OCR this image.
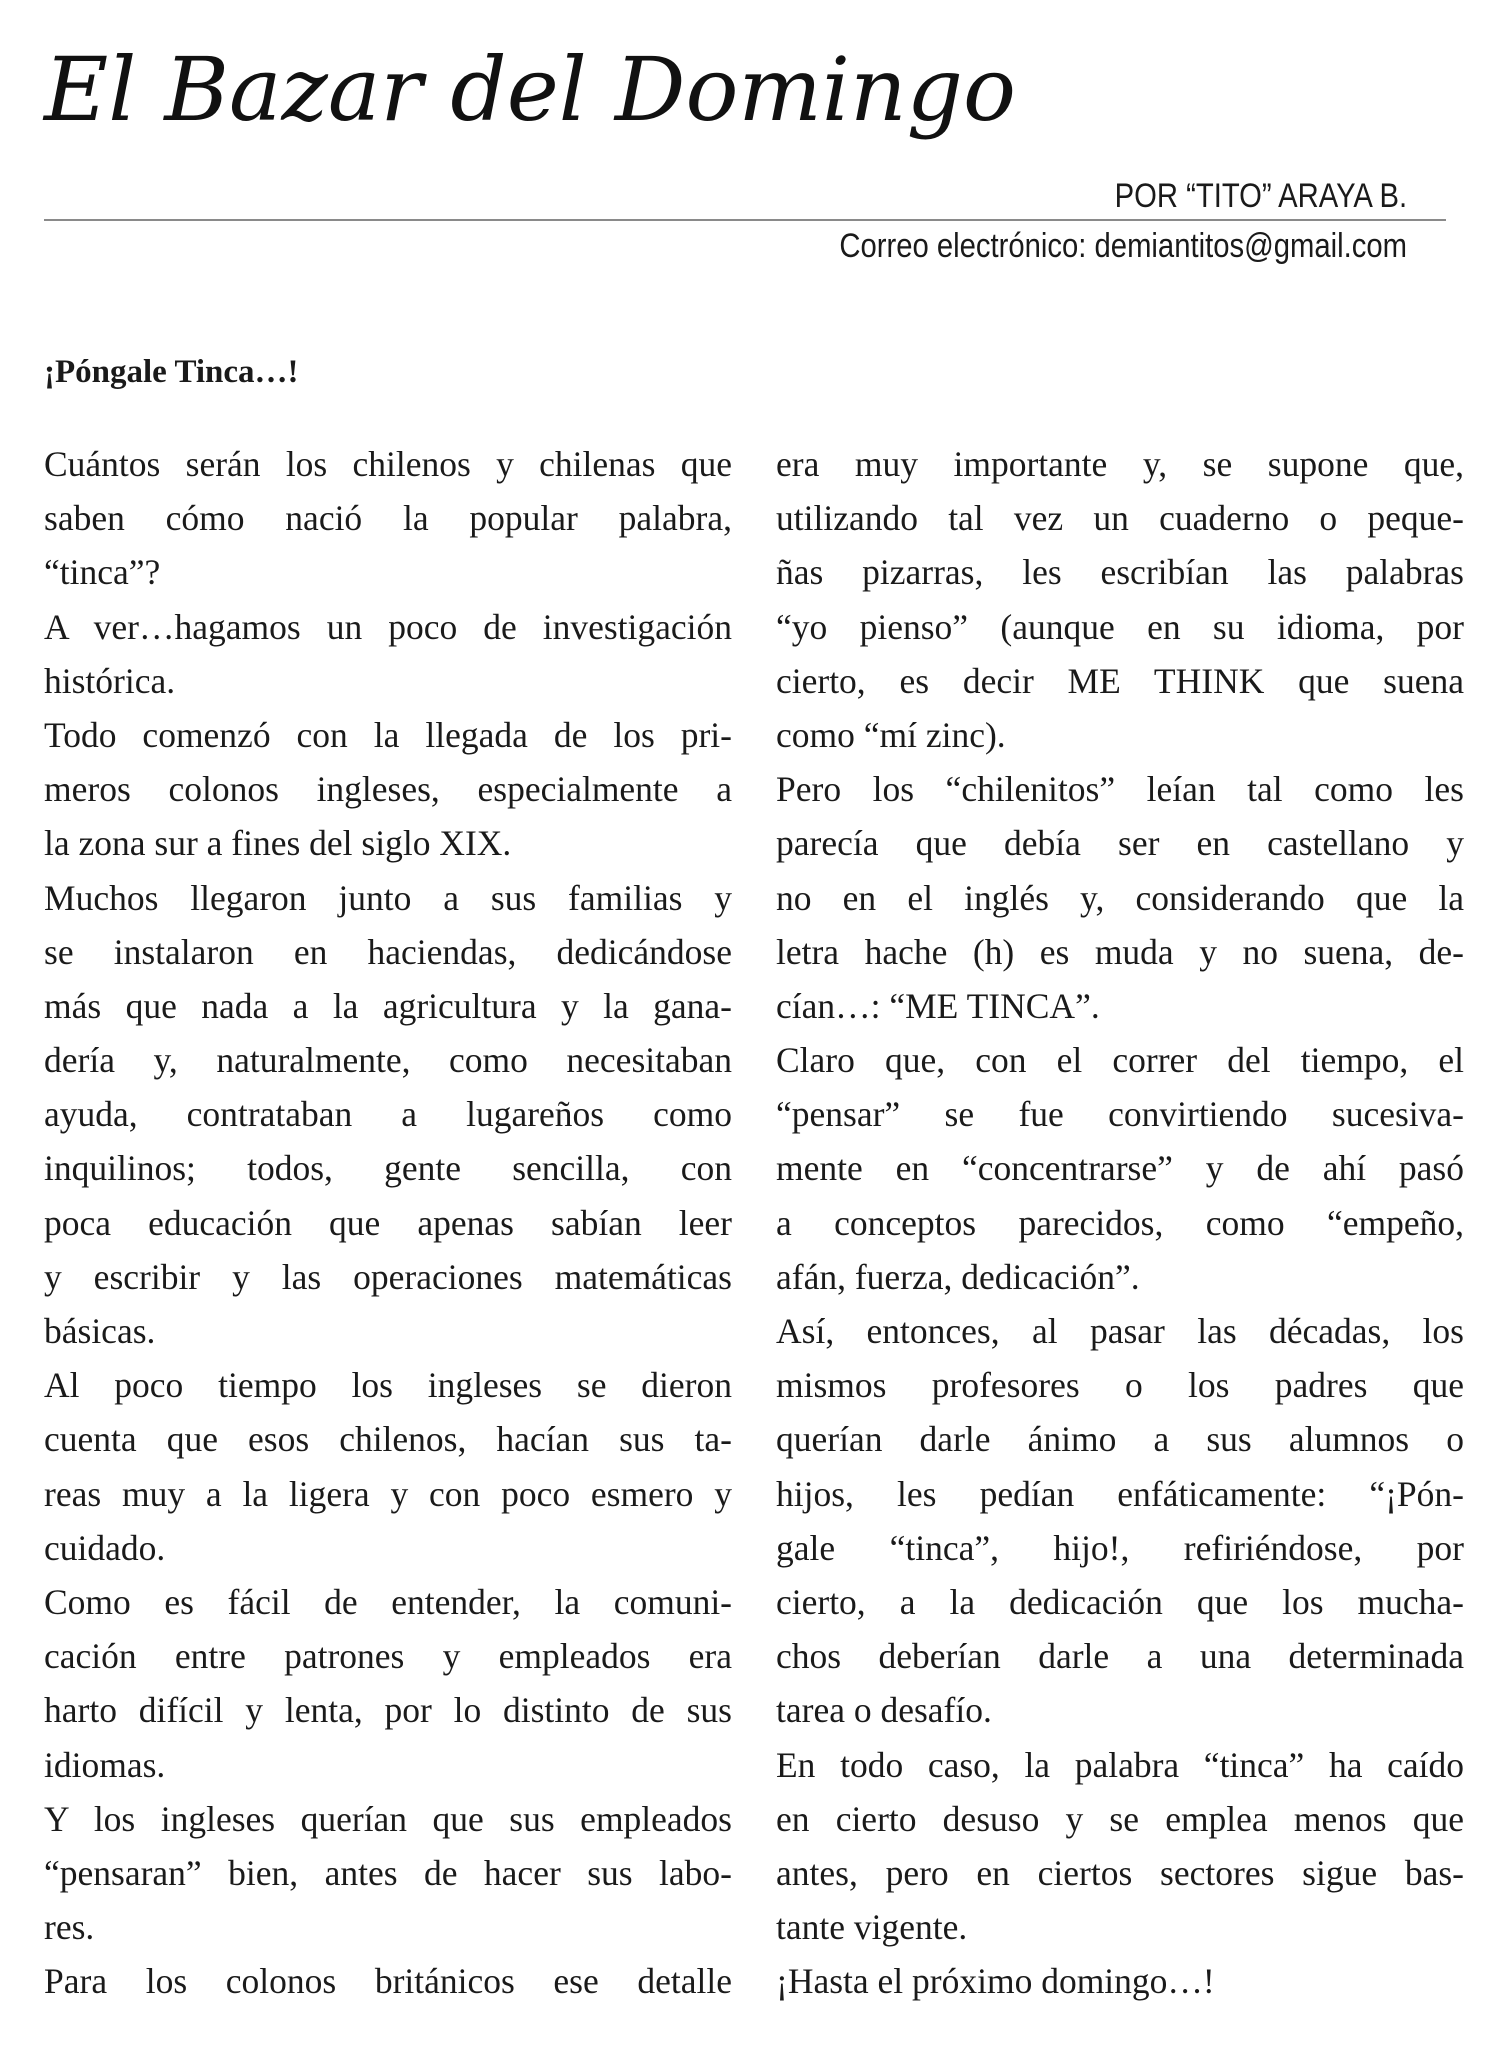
El Bazar del Domingo
POR “TITO” ARAYA B.
Correo electrónico: demiantitos@gmail.com
¡Póngale Tinca…!
Cuántos serán los chilenos y chilenas que
saben cómo nació la popular palabra,
“tinca”?
A ver…hagamos un poco de investigación
histórica.
Todo comenzó con la llegada de los pri-
meros colonos ingleses, especialmente a
la zona sur a fines del siglo XIX.
Muchos llegaron junto a sus familias y
se instalaron en haciendas, dedicándose
más que nada a la agricultura y la gana-
dería y, naturalmente, como necesitaban
ayuda, contrataban a lugareños como
inquilinos; todos, gente sencilla, con
poca educación que apenas sabían leer
y escribir y las operaciones matemáticas
básicas.
Al poco tiempo los ingleses se dieron
cuenta que esos chilenos, hacían sus ta-
reas muy a la ligera y con poco esmero y
cuidado.
Como es fácil de entender, la comuni-
cación entre patrones y empleados era
harto difícil y lenta, por lo distinto de sus
idiomas.
Y los ingleses querían que sus empleados
“pensaran” bien, antes de hacer sus labo-
res.
Para los colonos británicos ese detalle
era muy importante y, se supone que,
utilizando tal vez un cuaderno o peque-
ñas pizarras, les escribían las palabras
“yo pienso” (aunque en su idioma, por
cierto, es decir ME THINK que suena
como “mí zinc).
Pero los “chilenitos” leían tal como les
parecía que debía ser en castellano y
no en el inglés y, considerando que la
letra hache (h) es muda y no suena, de-
cían…: “ME TINCA”.
Claro que, con el correr del tiempo, el
“pensar” se fue convirtiendo sucesiva-
mente en “concentrarse” y de ahí pasó
a conceptos parecidos, como “empeño,
afán, fuerza, dedicación”.
Así, entonces, al pasar las décadas, los
mismos profesores o los padres que
querían darle ánimo a sus alumnos o
hijos, les pedían enfáticamente: “¡Pón-
gale “tinca”, hijo!, refiriéndose, por
cierto, a la dedicación que los mucha-
chos deberían darle a una determinada
tarea o desafío.
En todo caso, la palabra “tinca” ha caído
en cierto desuso y se emplea menos que
antes, pero en ciertos sectores sigue bas-
tante vigente.
¡Hasta el próximo domingo…!
